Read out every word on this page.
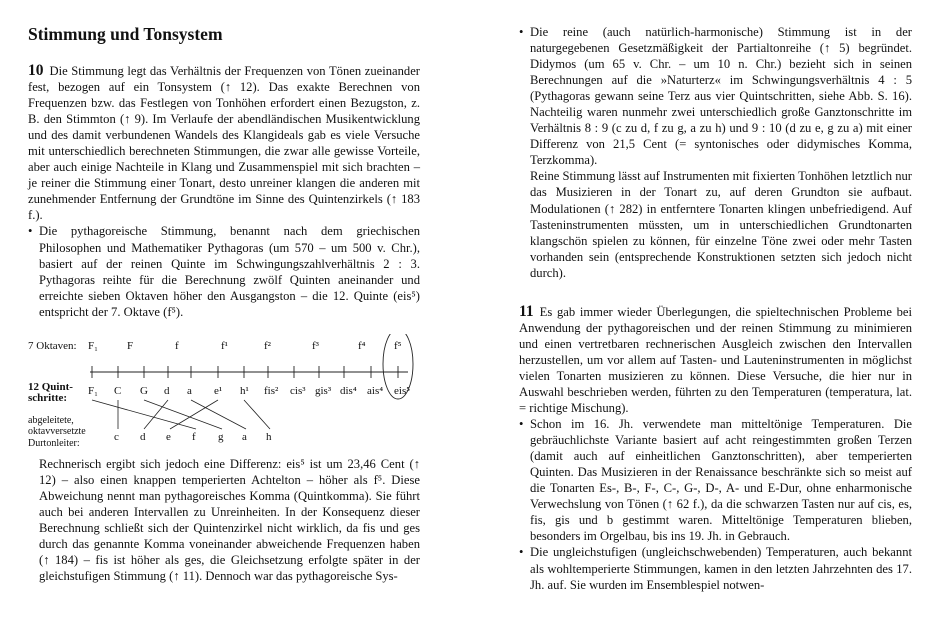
Stimmung und Tonsystem

10 Die Stimmung legt das Verhältnis der Frequenzen von Tönen zueinander fest, bezogen auf ein Tonsystem (↑ 12). Das exakte Berechnen von Frequenzen bzw. das Festlegen von Tonhöhen erfordert einen Bezugston, z. B. den Stimmton (↑ 9). Im Verlaufe der abendländischen Musikentwicklung und des damit verbundenen Wandels des Klangideals gab es viele Versuche mit unterschiedlich berechneten Stimmungen, die zwar alle gewisse Vorteile, aber auch einige Nachteile in Klang und Zusammenspiel mit sich brachten – je reiner die Stimmung einer Tonart, desto unreiner klangen die anderen mit zunehmender Entfernung der Grundtöne im Sinne des Quintenzirkels (↑ 183 f.).

• Die pythagoreische Stimmung, benannt nach dem griechischen Philosophen und Mathematiker Pythagoras (um 570 – um 500 v. Chr.), basiert auf der reinen Quinte im Schwingungszahlverhältnis 2 : 3. Pythagoras reihte für die Berechnung zwölf Quinten aneinander und erreichte sieben Oktaven höher den Ausgangston – die 12. Quinte (eis⁵) entspricht der 7. Oktave (f⁵).
7 Oktaven: F₁	F	f	f¹	f²	f³	f⁴	f⁵
12 Quint-
schritte:
F₁ C G d a e¹ h¹ fis² cis³ gis³ dis⁴ ais⁴ eis⁵
abgeleitete,
oktavversetzte
Durtonleiter:
c d e f g a h

Rechnerisch ergibt sich jedoch eine Differenz: eis⁵ ist um 23,46 Cent (↑ 12) – also einen knappen temperierten Achtelton – höher als f⁵. Diese Abweichung nennt man pythagoreisches Komma (Quintkomma). Sie führt auch bei anderen Intervallen zu Unreinheiten. In der Konsequenz dieser Berechnung schließt sich der Quintenzirkel nicht wirklich, da fis und ges durch das genannte Komma voneinander abweichende Frequenzen haben (↑ 184) – fis ist höher als ges, die Gleichsetzung erfolgte später in der gleichstufigen Stimmung (↑ 11). Dennoch war das pythagoreische Sys-

• Die reine (auch natürlich-harmonische) Stimmung ist in der naturgegebenen Gesetzmäßigkeit der Partialtonreihe (↑ 5) begründet. Didymos (um 65 v. Chr. – um 10 n. Chr.) bezieht sich in seinen Berechnungen auf die »Naturterz« im Schwingungsverhältnis 4 : 5 (Pythagoras gewann seine Terz aus vier Quintschritten, siehe Abb. S. 16). Nachteilig waren nunmehr zwei unterschiedlich große Ganztonschritte im Verhältnis 8 : 9 (c zu d, f zu g, a zu h) und 9 : 10 (d zu e, g zu a) mit einer Differenz von 21,5 Cent (= syntonisches oder didymisches Komma, Terzkomma).

Reine Stimmung lässt auf Instrumenten mit fixierten Tonhöhen letztlich nur das Musizieren in der Tonart zu, auf deren Grundton sie aufbaut. Modulationen (↑ 282) in entferntere Tonarten klingen unbefriedigend. Auf Tasteninstrumenten müssten, um in unterschiedlichen Grundtonarten klangschön spielen zu können, für einzelne Töne zwei oder mehr Tasten vorhanden sein (entsprechende Konstruktionen setzten sich jedoch nicht durch).

11 Es gab immer wieder Überlegungen, die spieltechnischen Probleme bei Anwendung der pythagoreischen und der reinen Stimmung zu minimieren und einen vertretbaren rechnerischen Ausgleich zwischen den Intervallen herzustellen, um vor allem auf Tasten- und Lauteninstrumenten in möglichst vielen Tonarten musizieren zu können. Diese Versuche, die hier nur in Auswahl beschrieben werden, führten zu den Temperaturen (temperatura, lat. = richtige Mischung).

• Schon im 16. Jh. verwendete man mitteltönige Temperaturen. Die gebräuchlichste Variante basiert auf acht reingestimmten großen Terzen (damit auch auf einheitlichen Ganztonschritten), aber temperierten Quinten. Das Musizieren in der Renaissance beschränkte sich so meist auf die Tonarten Es-, B-, F-, C-, G-, D-, A- und E-Dur, ohne enharmonische Verwechslung von Tönen (↑ 62 f.), da die schwarzen Tasten nur auf cis, es, fis, gis und b gestimmt waren. Mitteltönige Temperaturen blieben, besonders im Orgelbau, bis ins 19. Jh. in Gebrauch.
• Die ungleichstufigen (ungleichschwebenden) Temperaturen, auch bekannt als wohltemperierte Stimmungen, kamen in den letzten Jahrzehnten des 17. Jh. auf. Sie wurden im Ensemblespiel notwen-
